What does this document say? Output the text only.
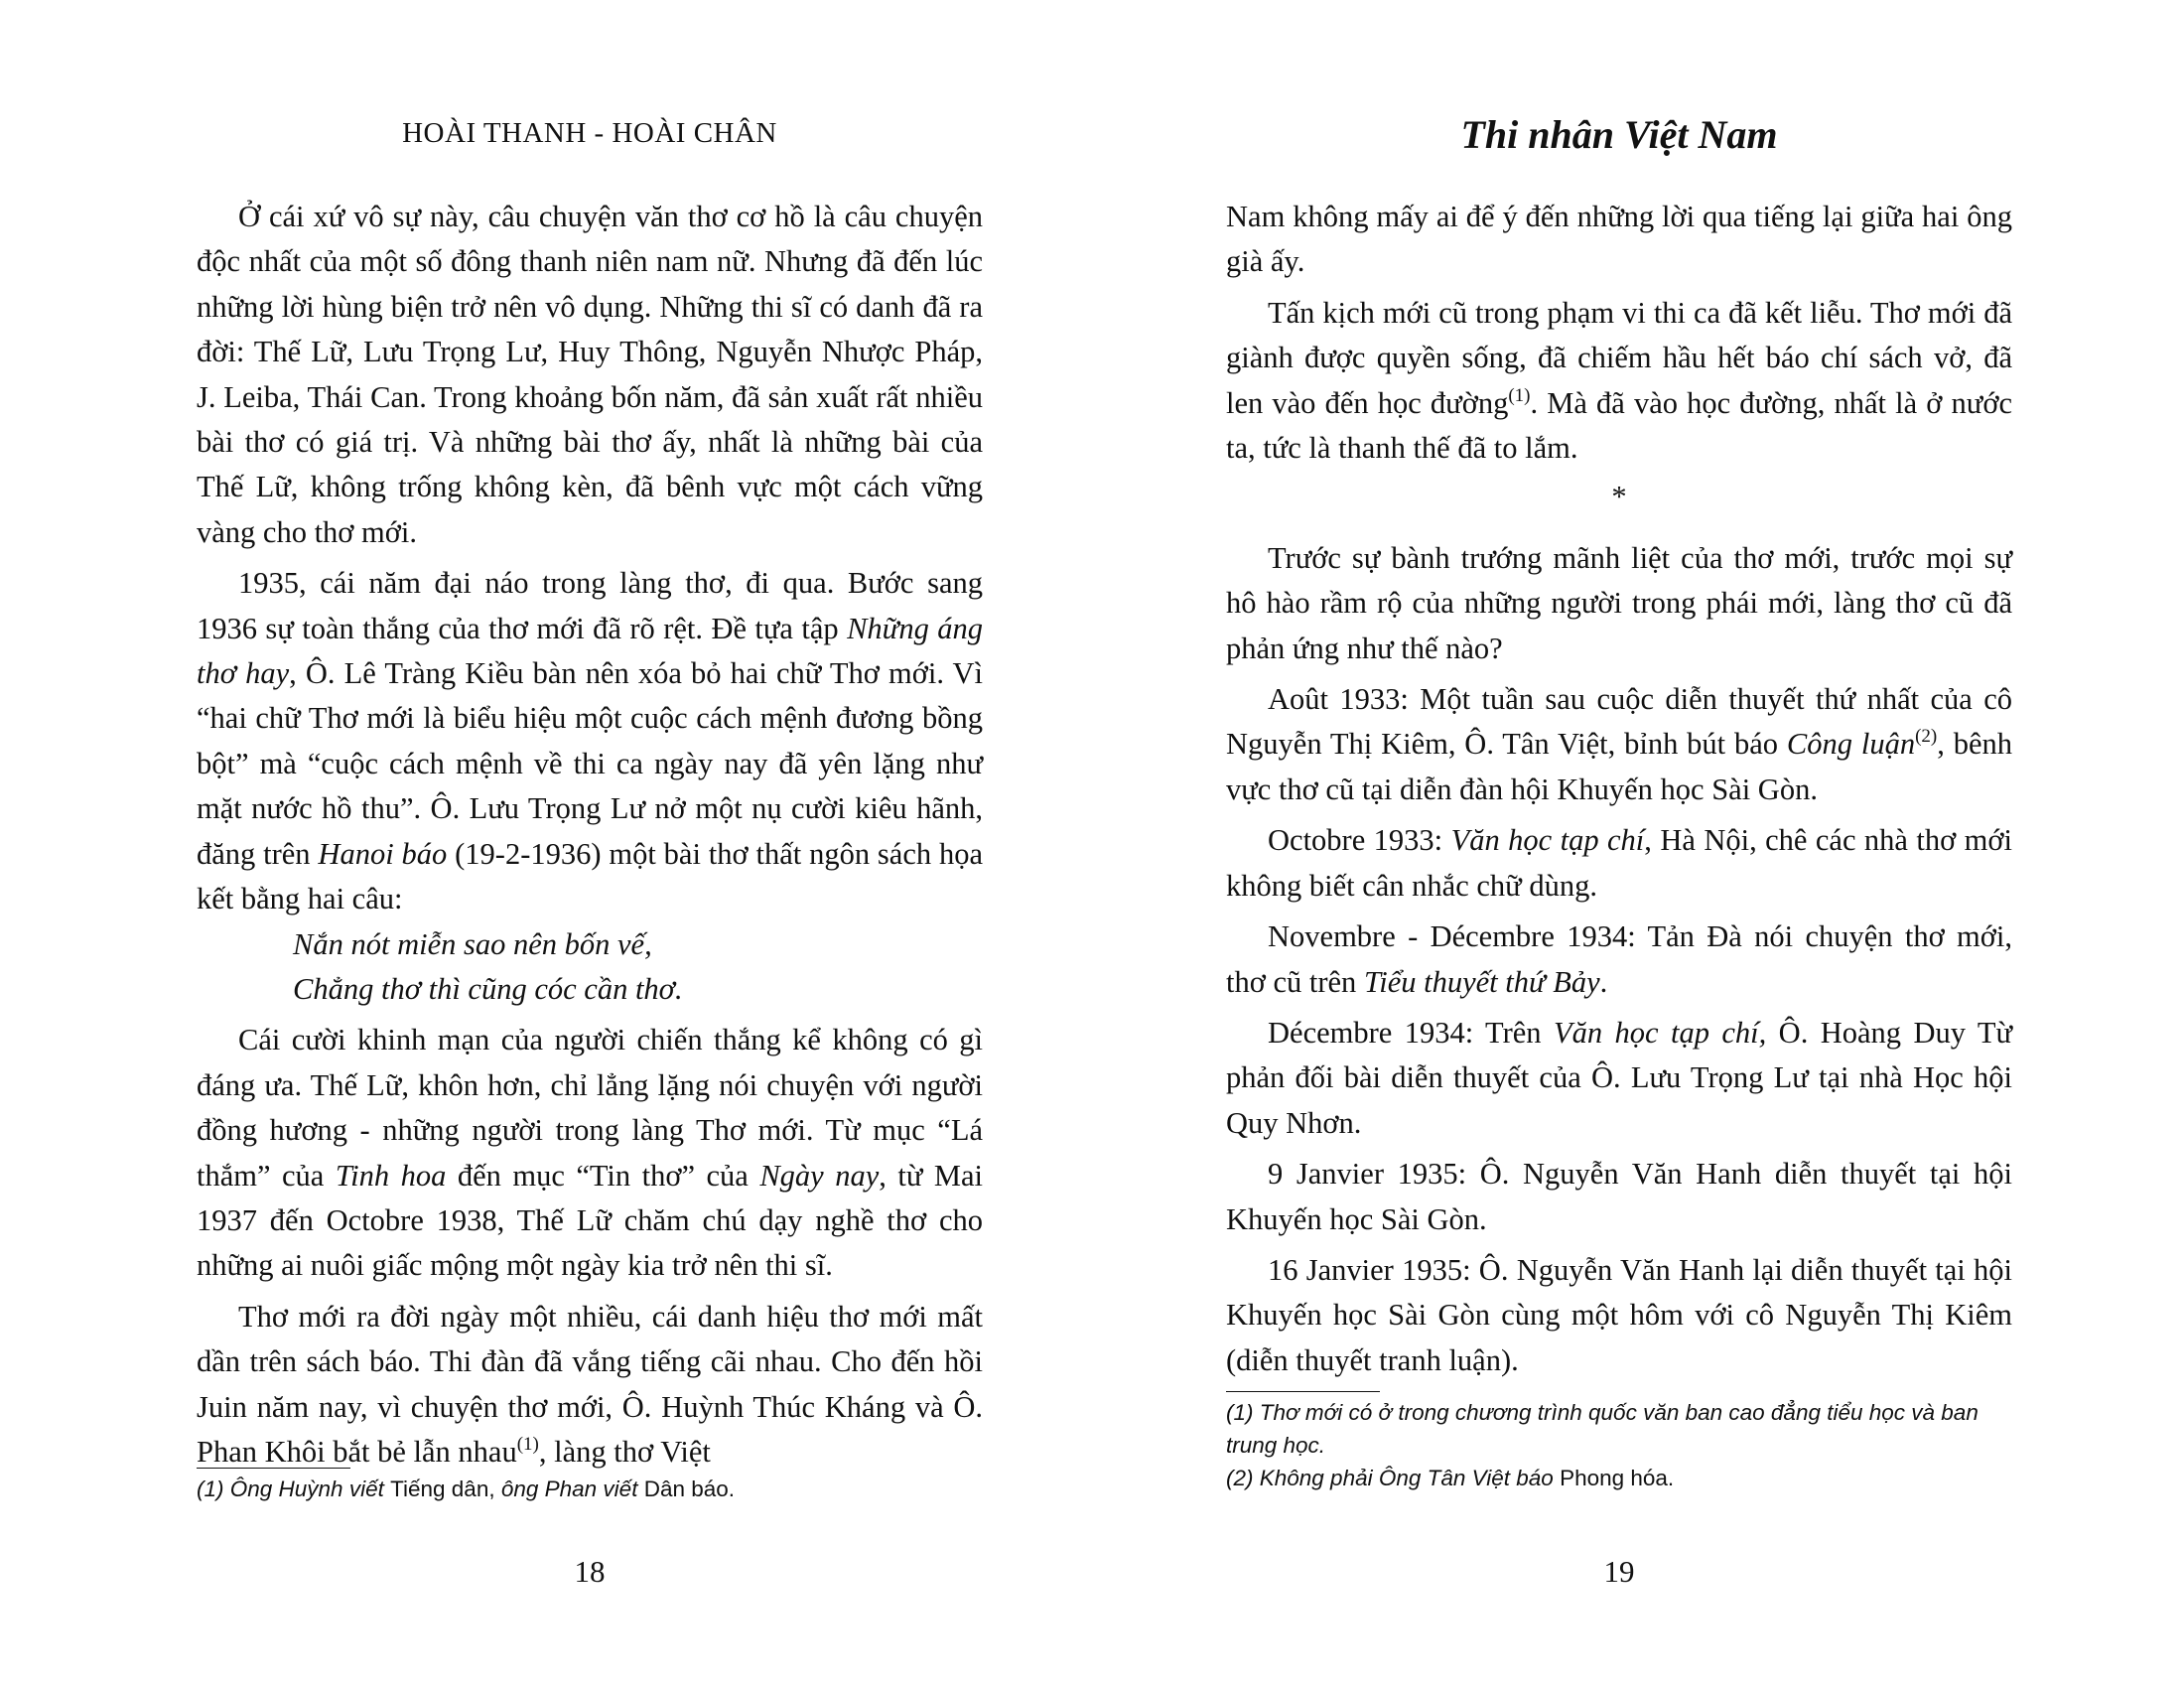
HOÀI THANH - HOÀI CHÂN

Ở cái xứ vô sự này, câu chuyện văn thơ cơ hồ là câu chuyện độc nhất của một số đông thanh niên nam nữ. Nhưng đã đến lúc những lời hùng biện trở nên vô dụng. Những thi sĩ có danh đã ra đời: Thế Lữ, Lưu Trọng Lư, Huy Thông, Nguyễn Nhược Pháp, J. Leiba, Thái Can. Trong khoảng bốn năm, đã sản xuất rất nhiều bài thơ có giá trị. Và những bài thơ ấy, nhất là những bài của Thế Lữ, không trống không kèn, đã bênh vực một cách vững vàng cho thơ mới.

1935, cái năm đại náo trong làng thơ, đi qua. Bước sang 1936 sự toàn thắng của thơ mới đã rõ rệt. Đề tựa tập Những áng thơ hay, Ô. Lê Tràng Kiều bàn nên xóa bỏ hai chữ Thơ mới. Vì “hai chữ Thơ mới là biểu hiệu một cuộc cách mệnh đương bồng bột” mà “cuộc cách mệnh về thi ca ngày nay đã yên lặng như mặt nước hồ thu”. Ô. Lưu Trọng Lư nở một nụ cười kiêu hãnh, đăng trên Hanoi báo (19-2-1936) một bài thơ thất ngôn sách họa kết bằng hai câu:

Nắn nót miễn sao nên bốn vế,

Chẳng thơ thì cũng cóc cần thơ.

Cái cười khinh mạn của người chiến thắng kể không có gì đáng ưa. Thế Lữ, khôn hơn, chỉ lẳng lặng nói chuyện với người đồng hương - những người trong làng Thơ mới. Từ mục “Lá thắm” của Tinh hoa đến mục “Tin thơ” của Ngày nay, từ Mai 1937 đến Octobre 1938, Thế Lữ chăm chú dạy nghề thơ cho những ai nuôi giấc mộng một ngày kia trở nên thi sĩ.

Thơ mới ra đời ngày một nhiều, cái danh hiệu thơ mới mất dần trên sách báo. Thi đàn đã vắng tiếng cãi nhau. Cho đến hồi Juin năm nay, vì chuyện thơ mới, Ô. Huỳnh Thúc Kháng và Ô. Phan Khôi bắt bẻ lẫn nhau$^{(1)}$, làng thơ Việt

(1) Ông Huỳnh viết Tiếng dân, ông Phan viết Dân báo.

18
Thi nhân Việt Nam

Nam không mấy ai để ý đến những lời qua tiếng lại giữa hai ông già ấy.

Tấn kịch mới cũ trong phạm vi thi ca đã kết liễu. Thơ mới đã giành được quyền sống, đã chiếm hầu hết báo chí sách vở, đã len vào đến học đường$^{(1)}$. Mà đã vào học đường, nhất là ở nước ta, tức là thanh thế đã to lắm.

*

Trước sự bành trướng mãnh liệt của thơ mới, trước mọi sự hô hào rầm rộ của những người trong phái mới, làng thơ cũ đã phản ứng như thế nào?

Août 1933: Một tuần sau cuộc diễn thuyết thứ nhất của cô Nguyễn Thị Kiêm, Ô. Tân Việt, bỉnh bút báo Công luận$^{(2)}$, bênh vực thơ cũ tại diễn đàn hội Khuyến học Sài Gòn.

Octobre 1933: Văn học tạp chí, Hà Nội, chê các nhà thơ mới không biết cân nhắc chữ dùng.

Novembre - Décembre 1934: Tản Đà nói chuyện thơ mới, thơ cũ trên Tiểu thuyết thứ Bảy.

Décembre 1934: Trên Văn học tạp chí, Ô. Hoàng Duy Từ phản đối bài diễn thuyết của Ô. Lưu Trọng Lư tại nhà Học hội Quy Nhơn.

9 Janvier 1935: Ô. Nguyễn Văn Hanh diễn thuyết tại hội Khuyến học Sài Gòn.

16 Janvier 1935: Ô. Nguyễn Văn Hanh lại diễn thuyết tại hội Khuyến học Sài Gòn cùng một hôm với cô Nguyễn Thị Kiêm (diễn thuyết tranh luận).

(1) Thơ mới có ở trong chương trình quốc văn ban cao đẳng tiểu học và ban trung học.

(2) Không phải Ông Tân Việt báo Phong hóa.

19
